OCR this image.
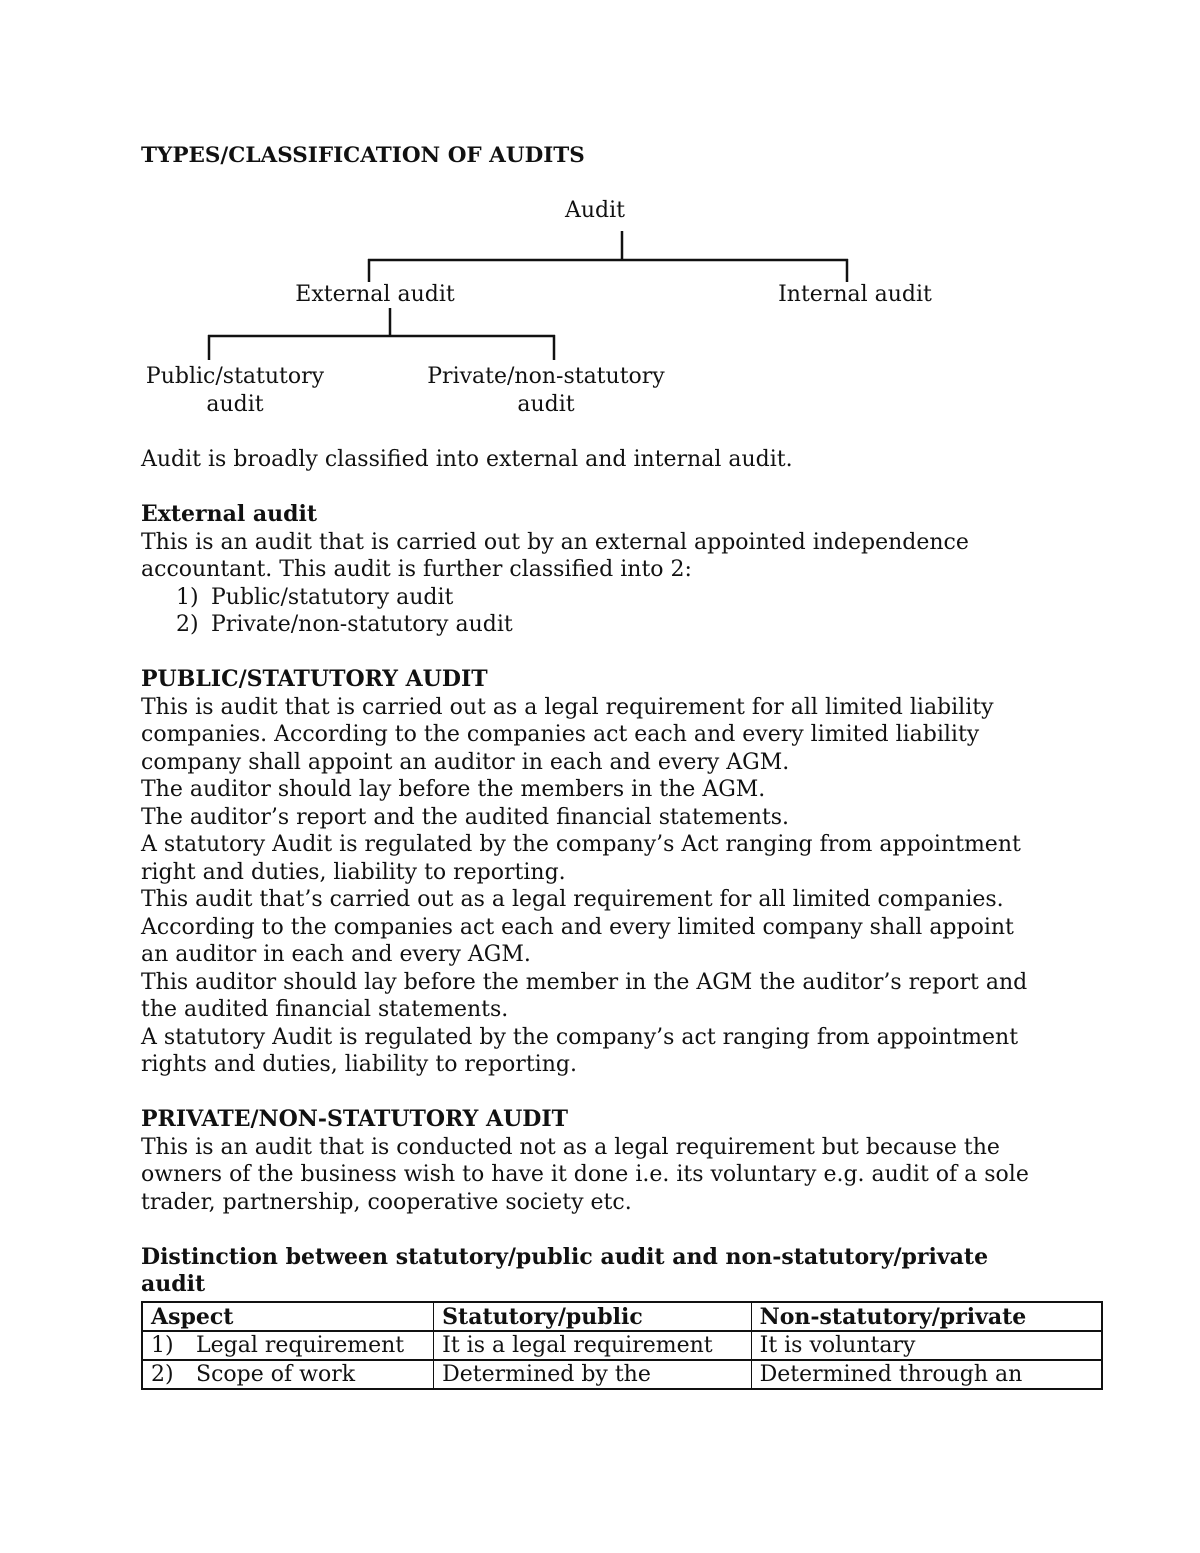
TYPES/CLASSIFICATION OF AUDITS
Audit
External audit	Internal audit
Public/statutory
audit
Private/non-statutory
audit

Audit is broadly classified into external and internal audit.

External audit

This is an audit that is carried out by an external appointed independence

accountant. This audit is further classified into 2:

1) Public/statutory audit

2) Private/non-statutory audit

PUBLIC/STATUTORY AUDIT

This is audit that is carried out as a legal requirement for all limited liability

companies. According to the companies act each and every limited liability

company shall appoint an auditor in each and every AGM.

The auditor should lay before the members in the AGM.

The auditor’s report and the audited financial statements.

A statutory Audit is regulated by the company’s Act ranging from appointment

right and duties, liability to reporting.

This audit that’s carried out as a legal requirement for all limited companies.

According to the companies act each and every limited company shall appoint

an auditor in each and every AGM.

This auditor should lay before the member in the AGM the auditor’s report and

the audited financial statements.

A statutory Audit is regulated by the company’s act ranging from appointment

rights and duties, liability to reporting.

PRIVATE/NON-STATUTORY AUDIT

This is an audit that is conducted not as a legal requirement but because the

owners of the business wish to have it done i.e. its voluntary e.g. audit of a sole

trader, partnership, cooperative society etc.

Distinction between statutory/public audit and non-statutory/private

audit

Aspect	Statutory/public	Non-statutory/private
1) Legal requirement	It is a legal requirement	It is voluntary
2) Scope of work	Determined by the	Determined through an
